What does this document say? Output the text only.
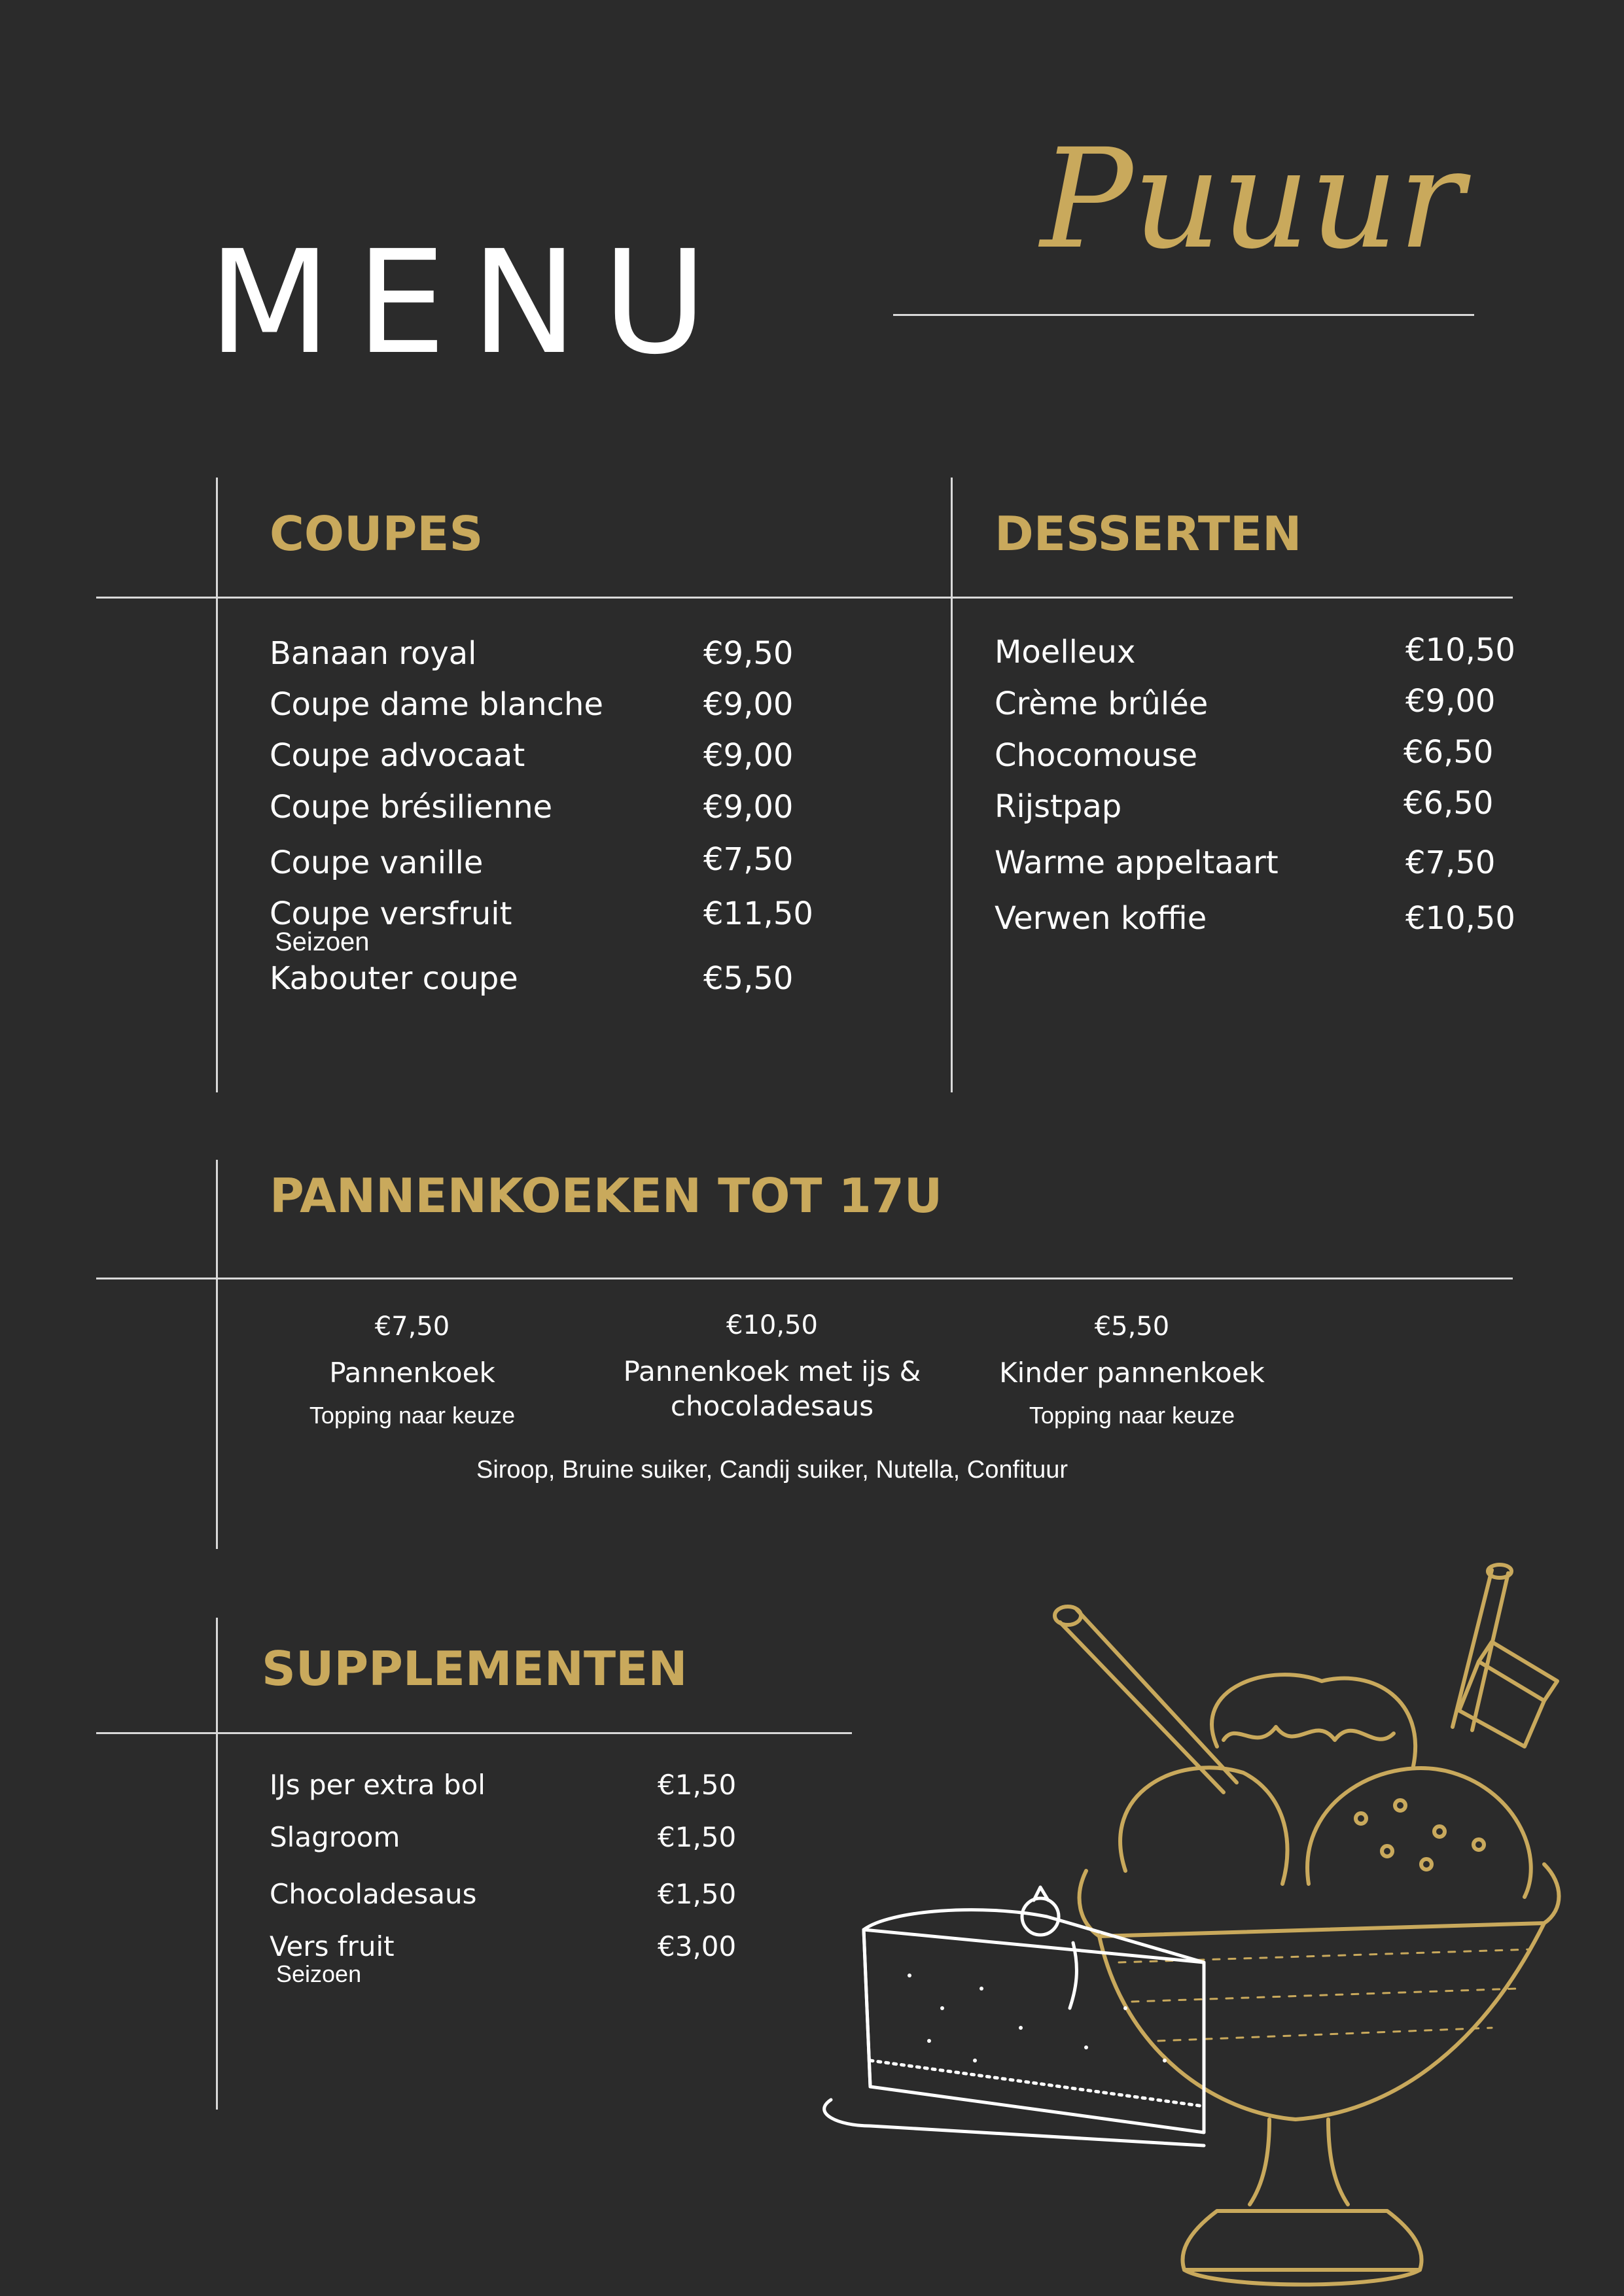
MENU
Puuur
COUPES	DESSERTEN
Banaan royal	€9,50
Coupe dame blanche	€9,00
Coupe advocaat	€9,00
Coupe brésilienne	€9,00
Coupe vanille	€7,50
Coupe versfruit	€11,50
Seizoen
Kabouter coupe	€5,50
Moelleux	€10,50
Crème brûlée	€9,00
Chocomouse	€6,50
Rijstpap	€6,50
Warme appeltaart	€7,50
Verwen koffie	€10,50
PANNENKOEKEN TOT 17U
€7,50
Pannenkoek
Topping naar keuze
€10,50
Pannenkoek met ijs &
chocoladesaus
€5,50
Kinder pannenkoek
Topping naar keuze
Siroop, Bruine suiker, Candij suiker, Nutella, Confituur
SUPPLEMENTEN
IJs per extra bol	€1,50
Slagroom	€1,50
Chocoladesaus	€1,50
Vers fruit	€3,00
Seizoen
